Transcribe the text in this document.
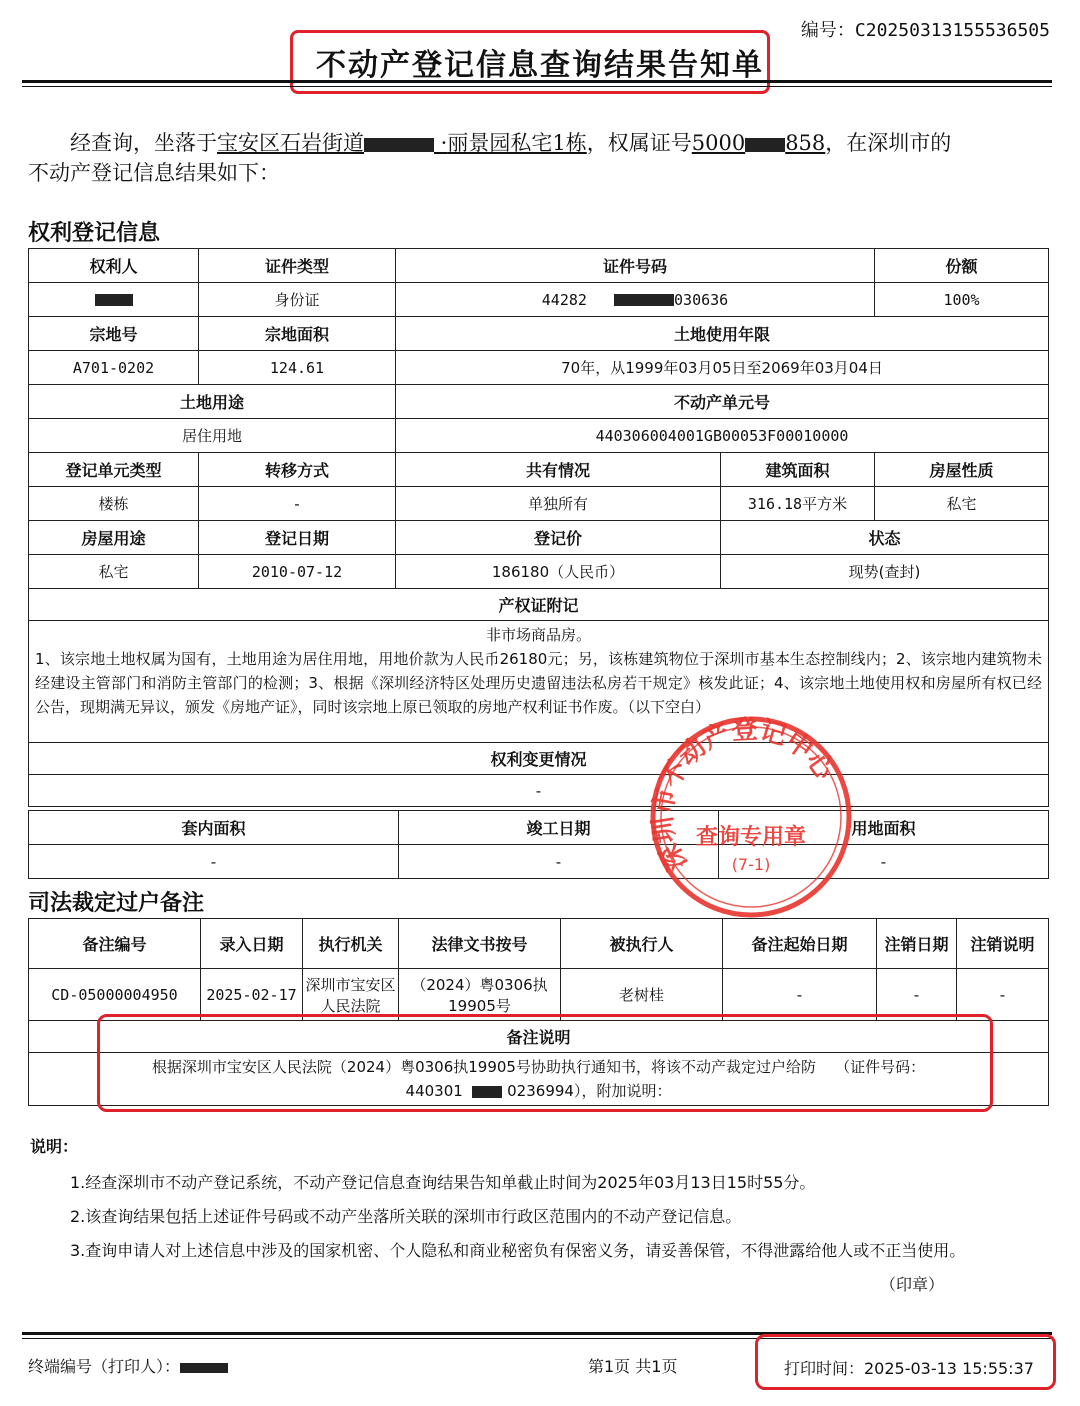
编号：C20250313155536505
不动产登记信息查询结果告知单
经查询，坐落于宝安区石岩街道	·丽景园私宅1栋，权属证号5000 858，在深圳市的
不动产登记信息结果如下：
权利登记信息
权利人	证件类型	证件号码		份额
	身份证	44282 030636		100%
宗地号	宗地面积	土地使用年限		
A701-0202	124.61	70年，从1999年03月05日至2069年03月04日		
土地用途		不动产单元号		
居住用地		440306004001GB00053F00010000		
登记单元类型	转移方式	共有情况	建筑面积	房屋性质
楼栋	-	单独所有	316.18平方米	私宅
房屋用途	登记日期	登记价	状态	
私宅	2010-07-12	186180（人民币）	现势(查封)	
产权证附记				

非市场商品房。
1、该宗地土地权属为国有，土地用途为居住用地，用地价款为人民币26180元；另，该栋建筑物位于深圳市基本生态控制线内；2、该宗地内建筑物未经建设主管部门和消防主管部门的检测；3、根据《深圳经济特区处理历史遗留违法私房若干规定》核发此证；4、该宗地土地使用权和房屋所有权已经公告，现期满无异议，颁发《房地产证》，同时该宗地上原已领取的房地产权利证书作废。（以下空白）				

权利变更情况				
-				
套内面积	竣工日期	用地面积
-	-	-
司法裁定过户备注
备注编号	录入日期	执行机关	法律文书按号	被执行人	备注起始日期	注销日期	注销说明
CD-05000004950	2025-02-17	深圳市宝安区人民法院	（2024）粤0306执19905号	老树桂	-	-	-
备注说明							
根据深圳市宝安区人民法院（2024）粤0306执19905号协助执行通知书，将该不动产裁定过户给防 （证件号码：
440301 0236994），附加说明：							
深圳市不动产登记中心
查询专用章
(7-1)
说明：
1.经查深圳市不动产登记系统，不动产登记信息查询结果告知单截止时间为2025年03月13日15时55分。
2.该查询结果包括上述证件号码或不动产坐落所关联的深圳市行政区范围内的不动产登记信息。
3.查询申请人对上述信息中涉及的国家机密、个人隐私和商业秘密负有保密义务，请妥善保管，不得泄露给他人或不正当使用。
（印章）
终端编号（打印人）：	第1页 共1页	打印时间：2025-03-13 15:55:37
